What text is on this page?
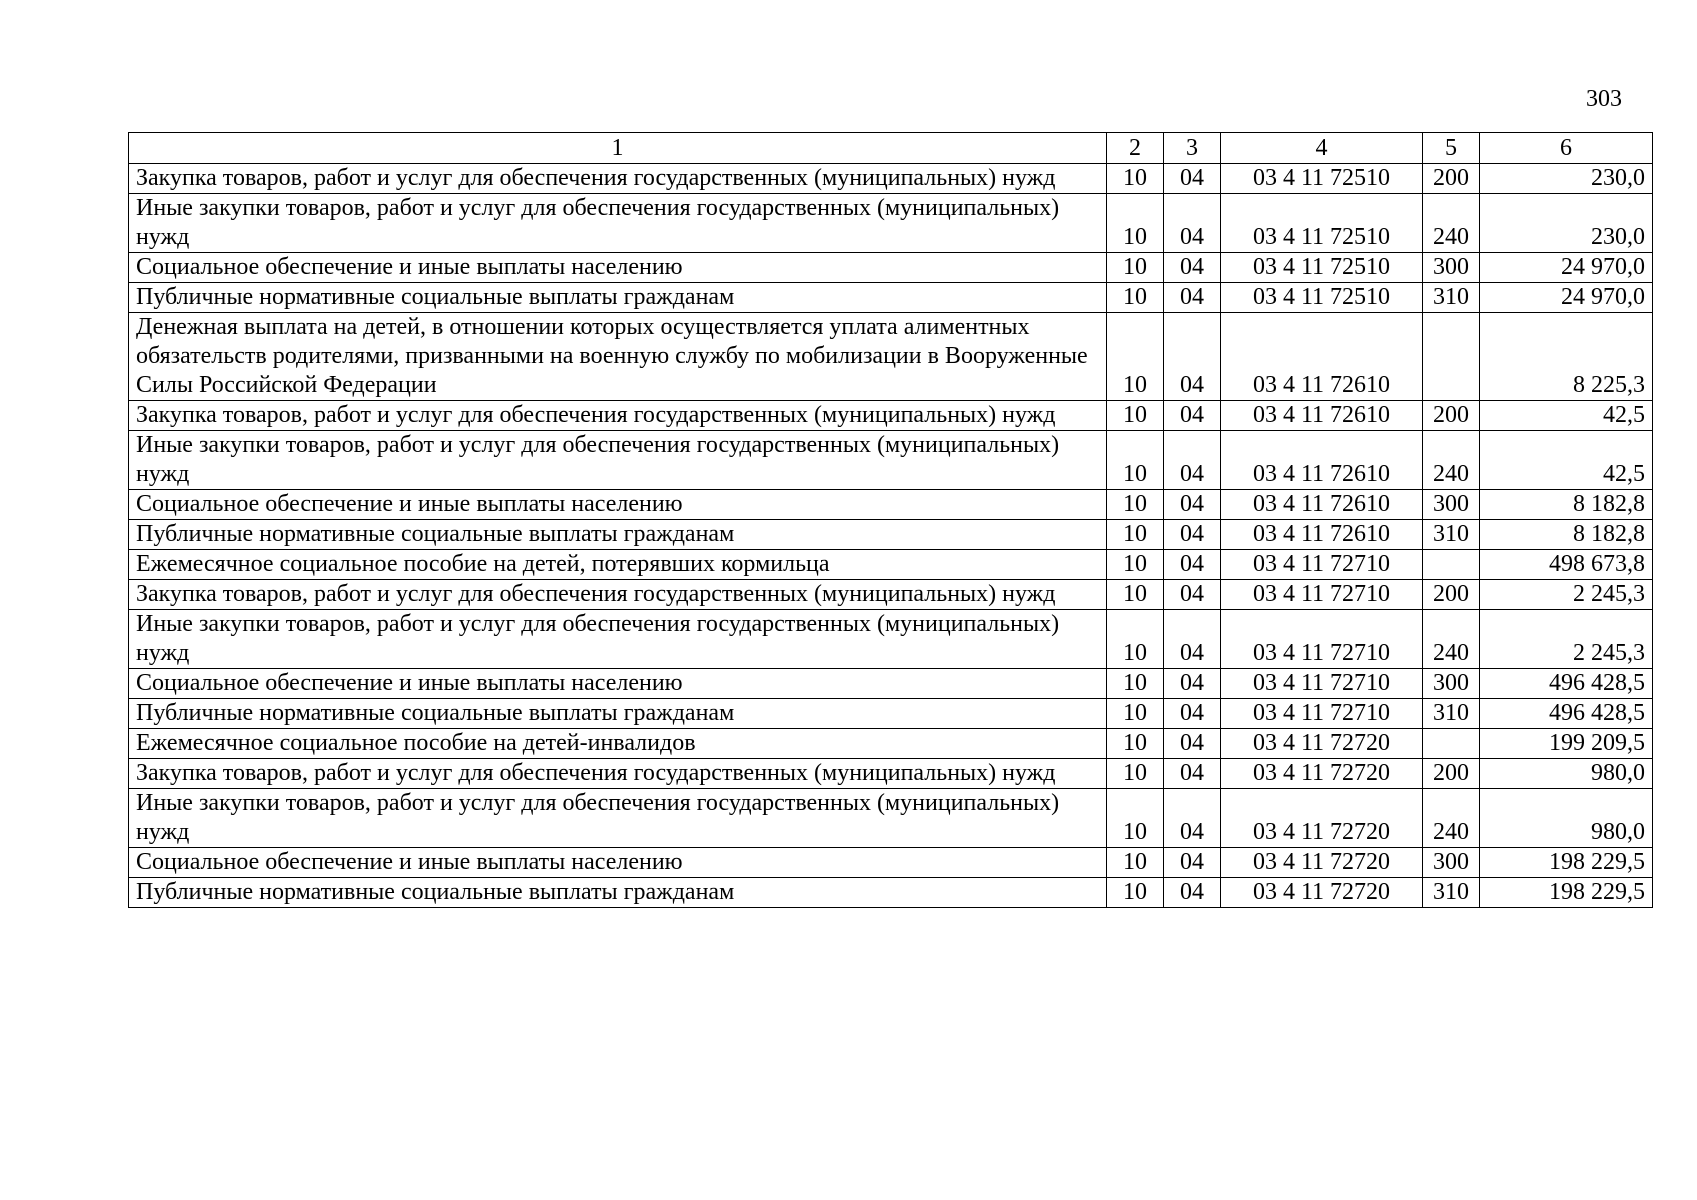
303
1	2	3	4	5	6
Закупка товаров, работ и услуг для обеспечения государственных (муниципальных) нужд	10	04	03 4 11 72510	200	230,0
Иные закупки товаров, работ и услуг для обеспечения государственных (муниципальных) нужд	10	04	03 4 11 72510	240	230,0
Социальное обеспечение и иные выплаты населению	10	04	03 4 11 72510	300	24 970,0
Публичные нормативные социальные выплаты гражданам	10	04	03 4 11 72510	310	24 970,0
Денежная выплата на детей, в отношении которых осуществляется уплата алиментных обязательств родителями, призванными на военную службу по мобилизации в Вооруженные Силы Российской Федерации	10	04	03 4 11 72610		8 225,3
Закупка товаров, работ и услуг для обеспечения государственных (муниципальных) нужд	10	04	03 4 11 72610	200	42,5
Иные закупки товаров, работ и услуг для обеспечения государственных (муниципальных) нужд	10	04	03 4 11 72610	240	42,5
Социальное обеспечение и иные выплаты населению	10	04	03 4 11 72610	300	8 182,8
Публичные нормативные социальные выплаты гражданам	10	04	03 4 11 72610	310	8 182,8
Ежемесячное социальное пособие на детей, потерявших кормильца	10	04	03 4 11 72710		498 673,8
Закупка товаров, работ и услуг для обеспечения государственных (муниципальных) нужд	10	04	03 4 11 72710	200	2 245,3
Иные закупки товаров, работ и услуг для обеспечения государственных (муниципальных) нужд	10	04	03 4 11 72710	240	2 245,3
Социальное обеспечение и иные выплаты населению	10	04	03 4 11 72710	300	496 428,5
Публичные нормативные социальные выплаты гражданам	10	04	03 4 11 72710	310	496 428,5
Ежемесячное социальное пособие на детей-инвалидов	10	04	03 4 11 72720		199 209,5
Закупка товаров, работ и услуг для обеспечения государственных (муниципальных) нужд	10	04	03 4 11 72720	200	980,0
Иные закупки товаров, работ и услуг для обеспечения государственных (муниципальных) нужд	10	04	03 4 11 72720	240	980,0
Социальное обеспечение и иные выплаты населению	10	04	03 4 11 72720	300	198 229,5
Публичные нормативные социальные выплаты гражданам	10	04	03 4 11 72720	310	198 229,5
